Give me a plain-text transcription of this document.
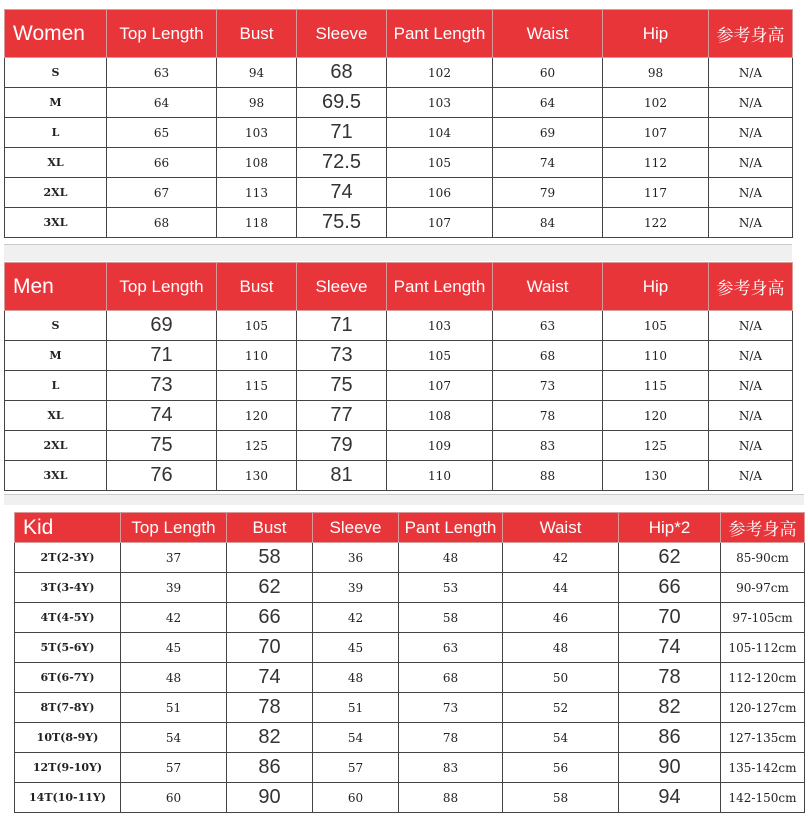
Women	Top Length	Bust	Sleeve	Pant Length	Waist	Hip	参考身高
S	63	94	68	102	60	98	N/A
M	64	98	69.5	103	64	102	N/A
L	65	103	71	104	69	107	N/A
XL	66	108	72.5	105	74	112	N/A
2XL	67	113	74	106	79	117	N/A
3XL	68	118	75.5	107	84	122	N/A
Men	Top Length	Bust	Sleeve	Pant Length	Waist	Hip	参考身高
S	69	105	71	103	63	105	N/A
M	71	110	73	105	68	110	N/A
L	73	115	75	107	73	115	N/A
XL	74	120	77	108	78	120	N/A
2XL	75	125	79	109	83	125	N/A
3XL	76	130	81	110	88	130	N/A
Kid	Top Length	Bust	Sleeve	Pant Length	Waist	Hip*2	参考身高
2T(2-3Y)	37	58	36	48	42	62	85-90cm
3T(3-4Y)	39	62	39	53	44	66	90-97cm
4T(4-5Y)	42	66	42	58	46	70	97-105cm
5T(5-6Y)	45	70	45	63	48	74	105-112cm
6T(6-7Y)	48	74	48	68	50	78	112-120cm
8T(7-8Y)	51	78	51	73	52	82	120-127cm
10T(8-9Y)	54	82	54	78	54	86	127-135cm
12T(9-10Y)	57	86	57	83	56	90	135-142cm
14T(10-11Y)	60	90	60	88	58	94	142-150cm
